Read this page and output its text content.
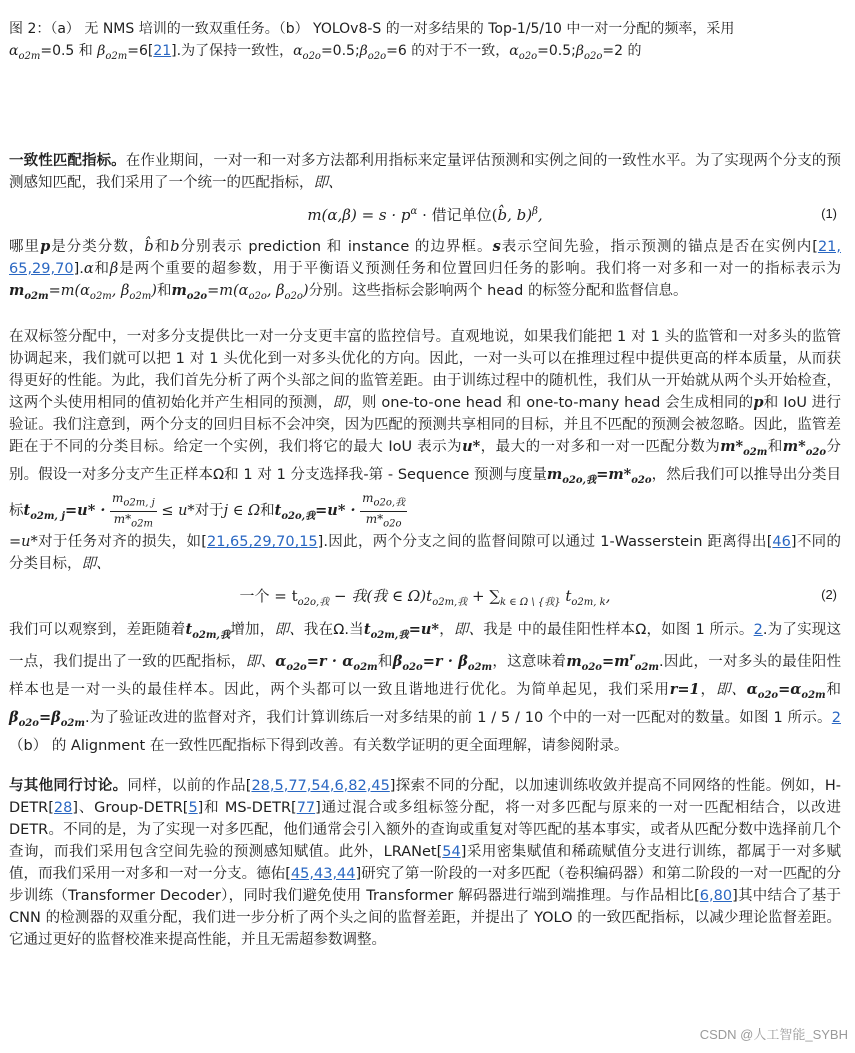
图 2：（a） 无 NMS 培训的一致双重任务。（b） YOLOv8-S 的一对多结果的 Top-1/5/10 中一对一分配的频率，采用
$\alpha_{o2m}=0.5$ 和 $\beta_{o2m}=6[21]$.为了保持一致性，$\alpha_{o2o}=0.5;\beta_{o2o}=6$ 的对于不一致，$\alpha_{o2o}=0.5;\beta_{o2o}=2$ 的

一致性匹配指标。在作业期间，一对一和一对多方法都利用指标来定量评估预测和实例之间的一致性水平。为了实现两个分支的预测感知匹配，我们采用了一个统一的匹配指标，即、

$m(\alpha,\beta) = s \cdot p^\alpha$ · 借记单位(b̂, b)$^\beta$,	(1)

哪里p是分类分数，b̂和b分别表示 prediction 和 instance 的边界框。s表示空间先验，指示预测的锚点是否在实例内[21, 65,29,70].α和β是两个重要的超参数，用于平衡语义预测任务和位置回归任务的影响。我们将一对多和一对一的指标表示为$m_{o2m}=m(\alpha_{o2m}$, $\beta_{o2m}$)和$m_{o2o}=m(\alpha_{o2o}$, $\beta_{o2o}$)分别。这些指标会影响两个 head 的标签分配和监督信息。

在双标签分配中，一对多分支提供比一对一分支更丰富的监控信号。直观地说，如果我们能把 1 对 1 头的监管和一对多头的监管协调起来，我们就可以把 1 对 1 头优化到一对多头优化的方向。因此，一对一头可以在推理过程中提供更高的样本质量，从而获得更好的性能。为此，我们首先分析了两个头部之间的监管差距。由于训练过程中的随机性，我们从一开始就从两个头开始检查，这两个头使用相同的值初始化并产生相同的预测，即，则 one-to-one head 和 one-to-many head 会生成相同的p和 IoU 进行验证。我们注意到，两个分支的回归目标不会冲突，因为匹配的预测共享相同的目标，并且不匹配的预测会被忽略。因此，监管差距在于不同的分类目标。给定一个实例，我们将它的最大 IoU 表示为u*，最大的一对多和一对一匹配分数为$m*_{o2m}$和$m*_{o2o}$分别。假设一对多分支产生正样本Ω和 1 对 1 分支选择我-第 - Sequence 预测与度量$m_{o2o,我}=m*_{o2o}$，然后我们可以推导出分类目标$t_{o2m, j}=u* \cdot \frac{m_{o2m, j}}{m*_{o2m}} \le u*$对于j ∈ Ω和$t_{o2o,我}=u* \cdot \frac{m_{o2o,我}}{m*_{o2o}}$

=u*对于任务对齐的损失，如[21,65,29,70,15].因此，两个分支之间的监督间隙可以通过 1-Wasserstein 距离得出[46]不同的分类目标，即、

一个 = $t_{o2o,我}$ − 我(我 ∈ $\Omega)t_{o2m,我} + \sum_{k \in \Omega \backslash \{我\}}$ $t_{o2m, k}$,	(2)

我们可以观察到，差距随着$t_{o2m,我}$增加，即、我在Ω.当$t_{o2m,我}=u*$，即、我是 中的最佳阳性样本Ω，如图 1 所示。2.为了实现这一点，我们提出了一致的匹配指标，即、$\alpha_{o2o}=r \cdot \alpha_{o2m}$和$\beta_{o2o}=r \cdot \beta_{o2m}$，这意味着$m_{o2o}=m^r_{o2m}$.因此，一对多头的最佳阳性样本也是一对一头的最佳样本。因此，两个头都可以一致且谐地进行优化。为简单起见，我们采用r=1，即、$\alpha_{o2o}=\alpha_{o2m}$和$\beta_{o2o}=\beta_{o2m}$.为了验证改进的监督对齐，我们计算训练后一对多结果的前 1 / 5 / 10 个中的一对一匹配对的数量。如图 1 所示。2（b） 的 Alignment 在一致性匹配指标下得到改善。有关数学证明的更全面理解，请参阅附录。

与其他同行讨论。同样，以前的作品[28,5,77,54,6,82,45]探索不同的分配，以加速训练收敛并提高不同网络的性能。例如，H-DETR[28]、Group-DETR[5]和 MS-DETR[77]通过混合或多组标签分配，将一对多匹配与原来的一对一匹配相结合，以改进 DETR。不同的是，为了实现一对多匹配，他们通常会引入额外的查询或重复对等匹配的基本事实，或者从匹配分数中选择前几个查询，而我们采用包含空间先验的预测感知赋值。此外，LRANet[54]采用密集赋值和稀疏赋值分支进行训练，都属于一对多赋值，而我们采用一对多和一对一分支。德佑[45,43,44]研究了第一阶段的一对多匹配（卷积编码器）和第二阶段的一对一匹配的分步训练（Transformer Decoder），同时我们避免使用 Transformer 解码器进行端到端推理。与作品相比[6,80]其中结合了基于 CNN 的检测器的双重分配，我们进一步分析了两个头之间的监督差距，并提出了 YOLO 的一致匹配指标，以减少理论监督差距。它通过更好的监督校准来提高性能，并且无需超参数调整。

CSDN @人工智能_SYBH
